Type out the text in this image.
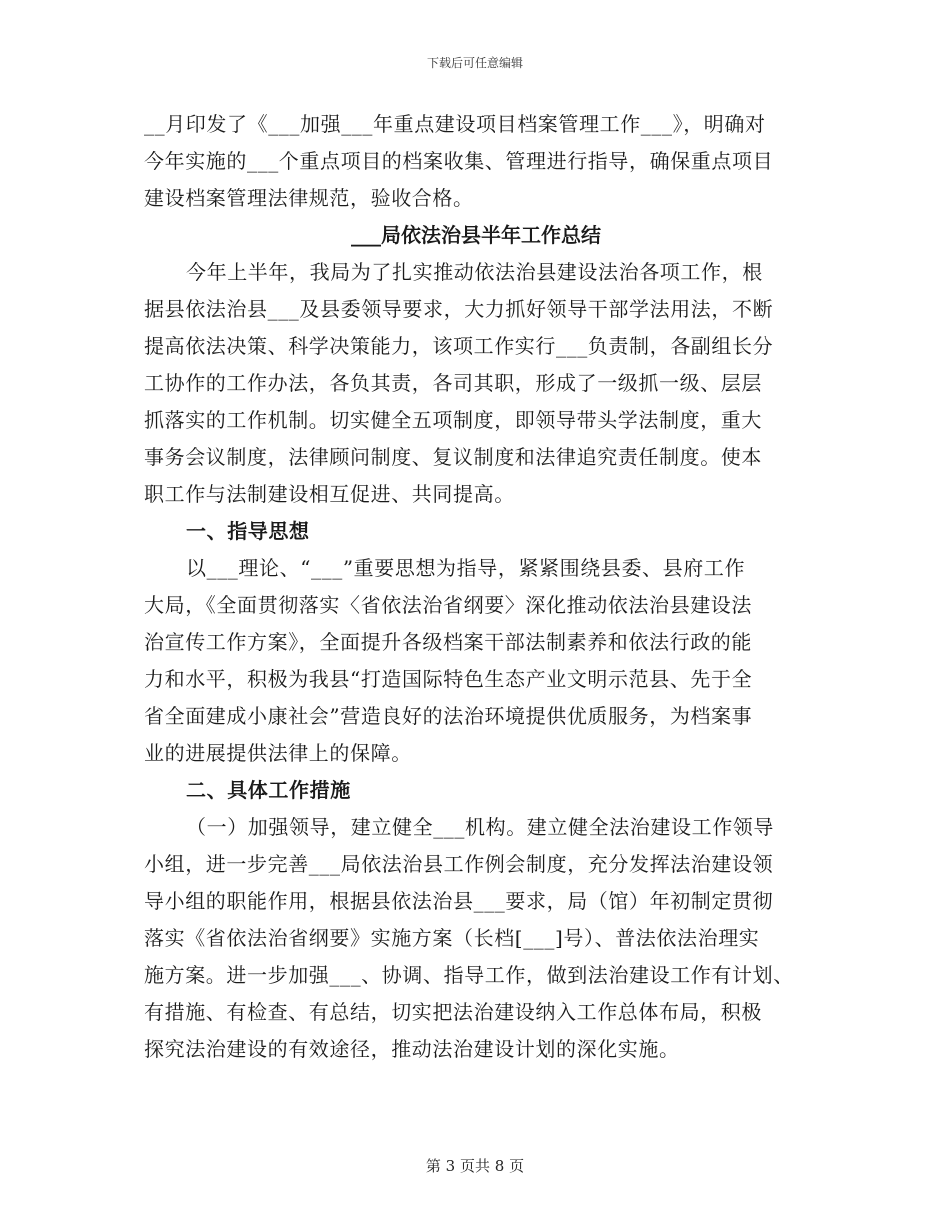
下载后可任意编辑
__月印发了《___加强___年重点建设项目档案管理工作___》，明确对
今年实施的___个重点项目的档案收集、管理进行指导，确保重点项目
建设档案管理法律规范，验收合格。
___局依法治县半年工作总结
今年上半年，我局为了扎实推动依法治县建设法治各项工作，根
据县依法治县___及县委领导要求，大力抓好领导干部学法用法，不断
提高依法决策、科学决策能力，该项工作实行___负责制，各副组长分
工协作的工作办法，各负其责，各司其职，形成了一级抓一级、层层
抓落实的工作机制。切实健全五项制度，即领导带头学法制度，重大
事务会议制度，法律顾问制度、复议制度和法律追究责任制度。使本
职工作与法制建设相互促进、共同提高。
一、指导思想
以___理论、“___”重要思想为指导，紧紧围绕县委、县府工作
大局，《全面贯彻落实〈省依法治省纲要〉深化推动依法治县建设法
治宣传工作方案》，全面提升各级档案干部法制素养和依法行政的能
力和水平，积极为我县“打造国际特色生态产业文明示范县、先于全
省全面建成小康社会”营造良好的法治环境提供优质服务，为档案事
业的进展提供法律上的保障。
二、具体工作措施
（一）加强领导，建立健全___机构。建立健全法治建设工作领导
小组，进一步完善___局依法治县工作例会制度，充分发挥法治建设领
导小组的职能作用，根据县依法治县___要求，局（馆）年初制定贯彻
落实《省依法治省纲要》实施方案（长档[___]号）、普法依法治理实
施方案。进一步加强___、协调、指导工作，做到法治建设工作有计划、
有措施、有检查、有总结，切实把法治建设纳入工作总体布局，积极
探究法治建设的有效途径，推动法治建设计划的深化实施。
第 3 页共 8 页
